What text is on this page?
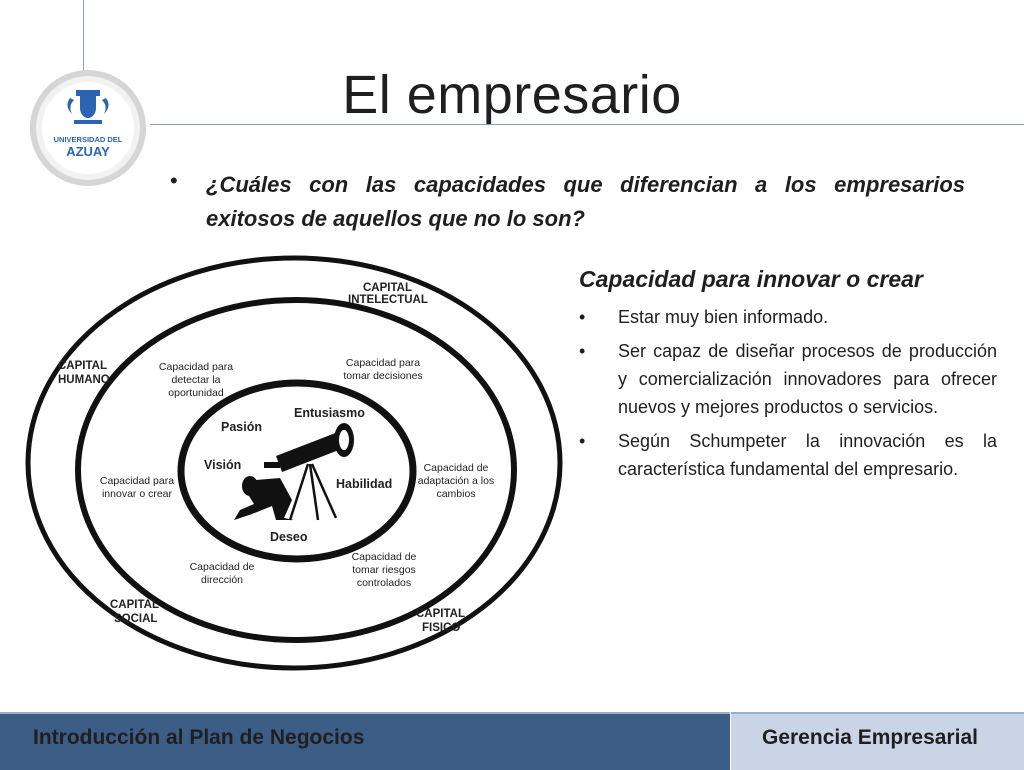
UNIVERSIDAD DEL
AZUAY
El empresario
• ¿Cuáles con las capacidades que diferencian a los empresarios exitosos de aquellos que no lo son?

CAPITAL
INTELECTUAL
CAPITAL
HUMANO
CAPITAL
SOCIAL	CAPITAL
FISICO
Capacidad para
detectar la
oportunidad
Capacidad para
tomar decisiones
Capacidad para
innovar o crear
Capacidad de
adaptación a los
cambios
Capacidad de
dirección
Capacidad de
tomar riesgos
controlados
Pasión
Entusiasmo
Visión
Habilidad
Deseo
Capacidad para innovar o crear
• Estar muy bien informado.
• Ser capaz de diseñar procesos de producción y comercialización innovadores para ofrecer nuevos y mejores productos o servicios.
• Según Schumpeter la innovación es la característica fundamental del empresario.
Introducción al Plan de Negocios	Gerencia Empresarial
